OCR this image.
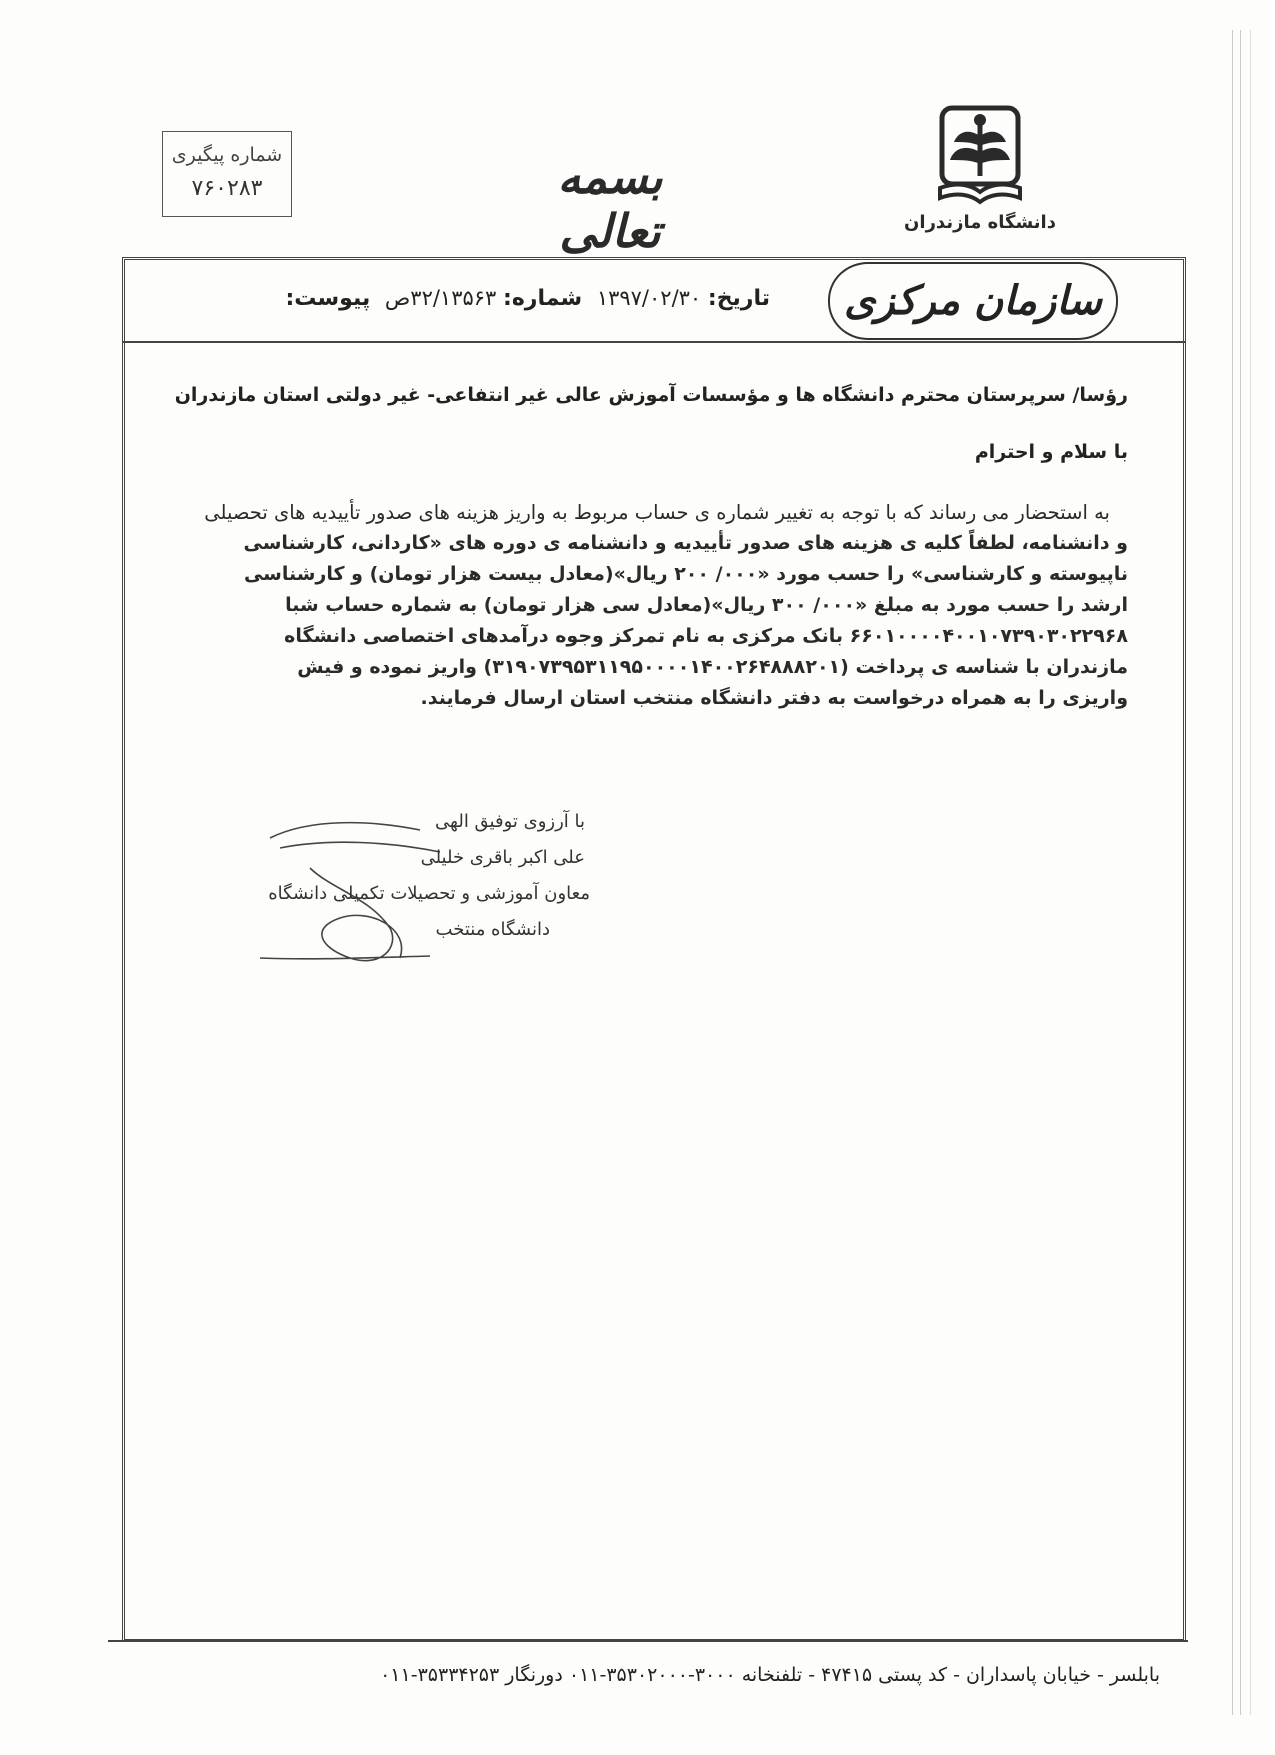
شماره پیگیری
۷۶۰۲۸۳	بسمه تعالی	دانشگاه مازندران
سازمان مرکزی
تاریخ: ۱۳۹۷/۰۲/۳۰ شماره: ۳۲/۱۳۵۶۳ص پیوست:

رؤسا/ سرپرستان محترم دانشگاه ها و مؤسسات آموزش عالی غیر انتفاعی- غیر دولتی استان مازندران

با سلام و احترام

به استحضار می رساند که با توجه به تغییر شماره ی حساب مربوط به واریز هزینه های صدور تأییدیه های تحصیلی

و دانشنامه، لطفاً کلیه ی هزینه های صدور تأییدیه و دانشنامه ی دوره های «کاردانی، کارشناسی

ناپیوسته و کارشناسی» را حسب مورد «۰۰۰/ ۲۰۰ ریال»(معادل بیست هزار تومان) و کارشناسی

ارشد را حسب مورد به مبلغ «۰۰۰/ ۳۰۰ ریال»(معادل سی هزار تومان) به شماره حساب شبا

۶۶۰۱۰۰۰۰۴۰۰۱۰۷۳۹۰۳۰۲۲۹۶۸ بانک مرکزی به نام تمرکز وجوه درآمدهای اختصاصی دانشگاه

مازندران با شناسه ی پرداخت (۳۱۹۰۷۳۹۵۳۱۱۹۵۰۰۰۰۱۴۰۰۲۶۴۸۸۸۲۰۱) واریز نموده و فیش

واریزی را به همراه درخواست به دفتر دانشگاه منتخب استان ارسال فرمایند.

با آرزوی توفیق الهی

علی اکبر باقری خلیلی

معاون آموزشی و تحصیلات تکمیلی دانشگاه

دانشگاه منتخب

بابلسر - خیابان پاسداران - کد پستی ۴۷۴۱۵ - تلفنخانه ۳۰۰۰-۳۵۳۰۲۰۰۰-۰۱۱ دورنگار ۳۵۳۳۴۲۵۳-۰۱۱
